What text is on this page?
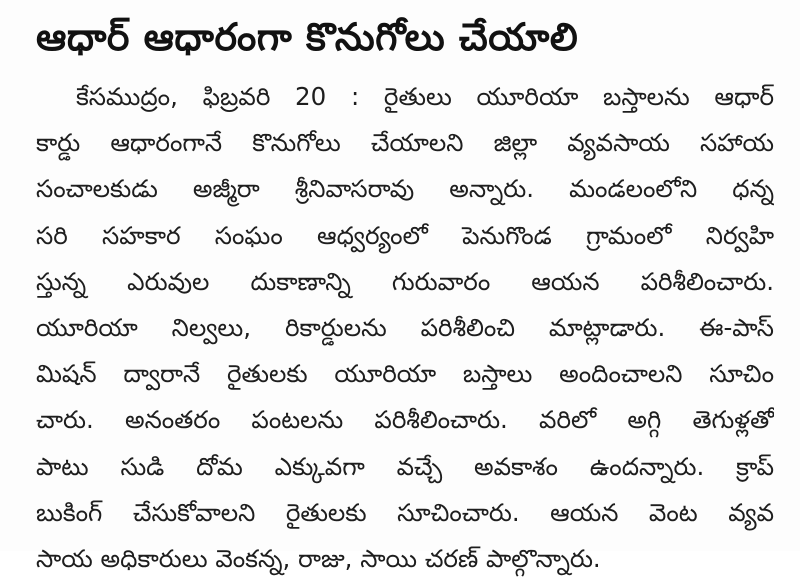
ఆధార్ ఆధారంగా కొనుగోలు చేయాలి
కేసముద్రం, ఫిబ్రవరి 20 : రైతులు యూరియా బస్తాలను ఆధార్
కార్డు ఆధారంగానే కొనుగోలు చేయాలని జిల్లా వ్యవసాయ సహాయ
సంచాలకుడు అజ్మీరా శ్రీనివాసరావు అన్నారు. మండలంలోని ధన్న
సరి సహకార సంఘం ఆధ్వర్యంలో పెనుగొండ గ్రామంలో నిర్వహి
స్తున్న ఎరువుల దుకాణాన్ని గురువారం ఆయన పరిశీలించారు.
యూరియా నిల్వలు, రికార్డులను పరిశీలించి మాట్లాడారు. ఈ-పాస్
మిషన్ ద్వారానే రైతులకు యూరియా బస్తాలు అందించాలని సూచిం
చారు. అనంతరం పంటలను పరిశీలించారు. వరిలో అగ్గి తెగుళ్లతో
పాటు సుడి దోమ ఎక్కువగా వచ్చే అవకాశం ఉందన్నారు. క్రాప్
బుకింగ్ చేసుకోవాలని రైతులకు సూచించారు. ఆయన వెంట వ్యవ
సాయ అధికారులు వెంకన్న, రాజు, సాయి చరణ్ పాల్గొన్నారు.
